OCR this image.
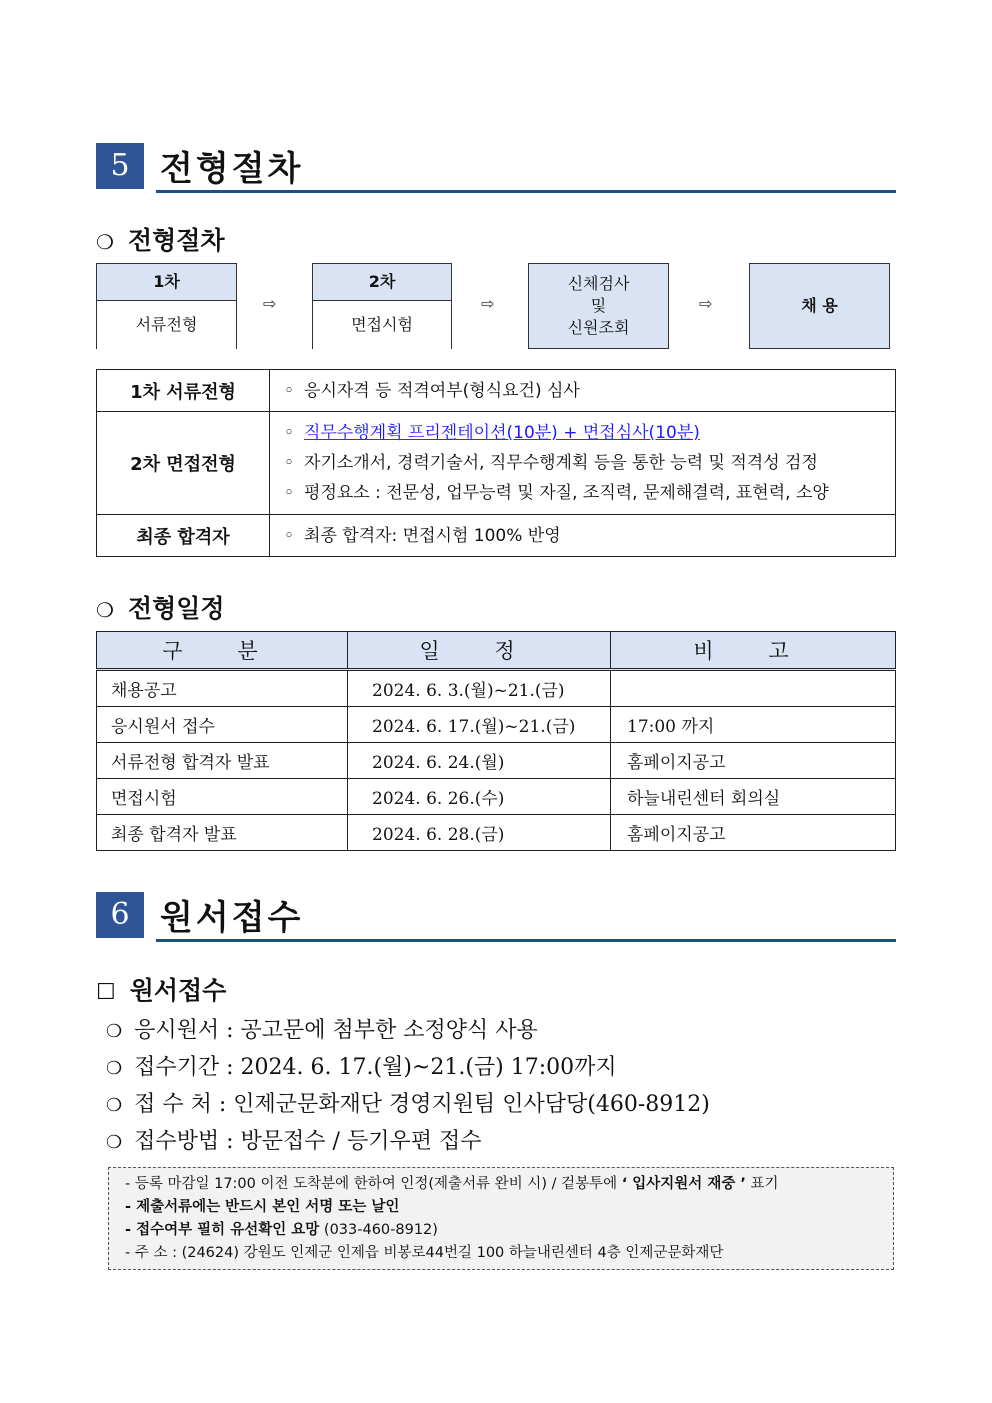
5 전형절차
❍ 전형절차
1차
서류전형
⇨
2차
면접시험
⇨
신체검사
및
신원조회
⇨	채 용
1차 서류전형	◦ 응시자격 등 적격여부(형식요건) 심사

2차 면접전형	◦ 직무수행계획 프리젠테이션(10분) + 면접심사(10분)
◦ 자기소개서, 경력기술서, 직무수행계획 등을 통한 능력 및 적격성 검정
◦ 평정요소 : 전문성, 업무능력 및 자질, 조직력, 문제해결력, 표현력, 소양

최종 합격자	◦ 최종 합격자: 면접시험 100% 반영
❍ 전형일정
구 분	일 정	비 고
채용공고	2024. 6. 3.(월)~21.(금)	
응시원서 접수	2024. 6. 17.(월)~21.(금)	17:00 까지
서류전형 합격자 발표	2024. 6. 24.(월)	홈페이지공고
면접시험	2024. 6. 26.(수)	하늘내린센터 회의실
최종 합격자 발표	2024. 6. 28.(금)	홈페이지공고
6 원서접수
☐ 원서접수
❍ 응시원서 : 공고문에 첨부한 소정양식 사용
❍ 접수기간 : 2024. 6. 17.(월)~21.(금) 17:00까지
❍ 접 수 처 : 인제군문화재단 경영지원팀 인사담당(460-8912)
❍ 접수방법 : 방문접수 / 등기우편 접수
- 등록 마감일 17:00 이전 도착분에 한하여 인정(제출서류 완비 시) / 겉봉투에 ‘ 입사지원서 재중 ’ 표기
- 제출서류에는 반드시 본인 서명 또는 날인
- 접수여부 필히 유선확인 요망 (033-460-8912)
- 주 소 : (24624) 강원도 인제군 인제읍 비봉로44번길 100 하늘내린센터 4층 인제군문화재단
